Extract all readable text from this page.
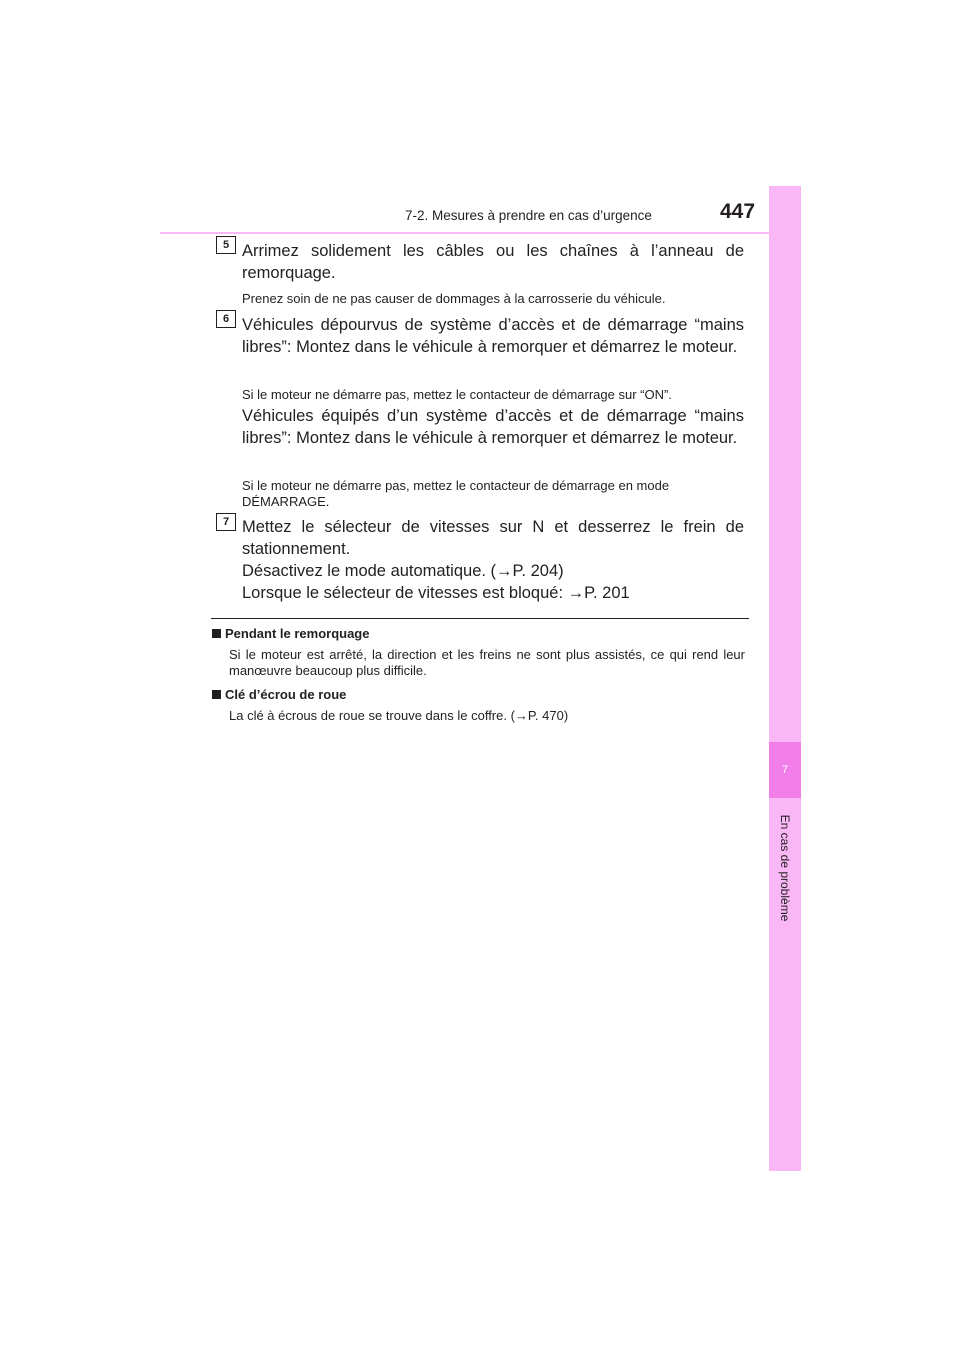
7
En cas de problème
7-2. Mesures à prendre en cas d’urgence	447
5 Arrimez solidement les câbles ou les chaînes à l’anneau de remorquage.
Prenez soin de ne pas causer de dommages à la carrosserie du véhicule.
6 Véhicules dépourvus de système d’accès et de démarrage “mains libres”: Montez dans le véhicule à remorquer et démarrez le moteur.
Si le moteur ne démarre pas, mettez le contacteur de démarrage sur “ON”.
Véhicules équipés d’un système d’accès et de démarrage “mains libres”: Montez dans le véhicule à remorquer et démarrez le moteur.
Si le moteur ne démarre pas, mettez le contacteur de démarrage en mode DÉMARRAGE.
7 Mettez le sélecteur de vitesses sur N et desserrez le frein de stationnement.
Désactivez le mode automatique. (→P. 204)
Lorsque le sélecteur de vitesses est bloqué: →P. 201
Pendant le remorquage
Si le moteur est arrêté, la direction et les freins ne sont plus assistés, ce qui rend leur manœuvre beaucoup plus difficile.
Clé d’écrou de roue
La clé à écrous de roue se trouve dans le coffre. (→P. 470)
